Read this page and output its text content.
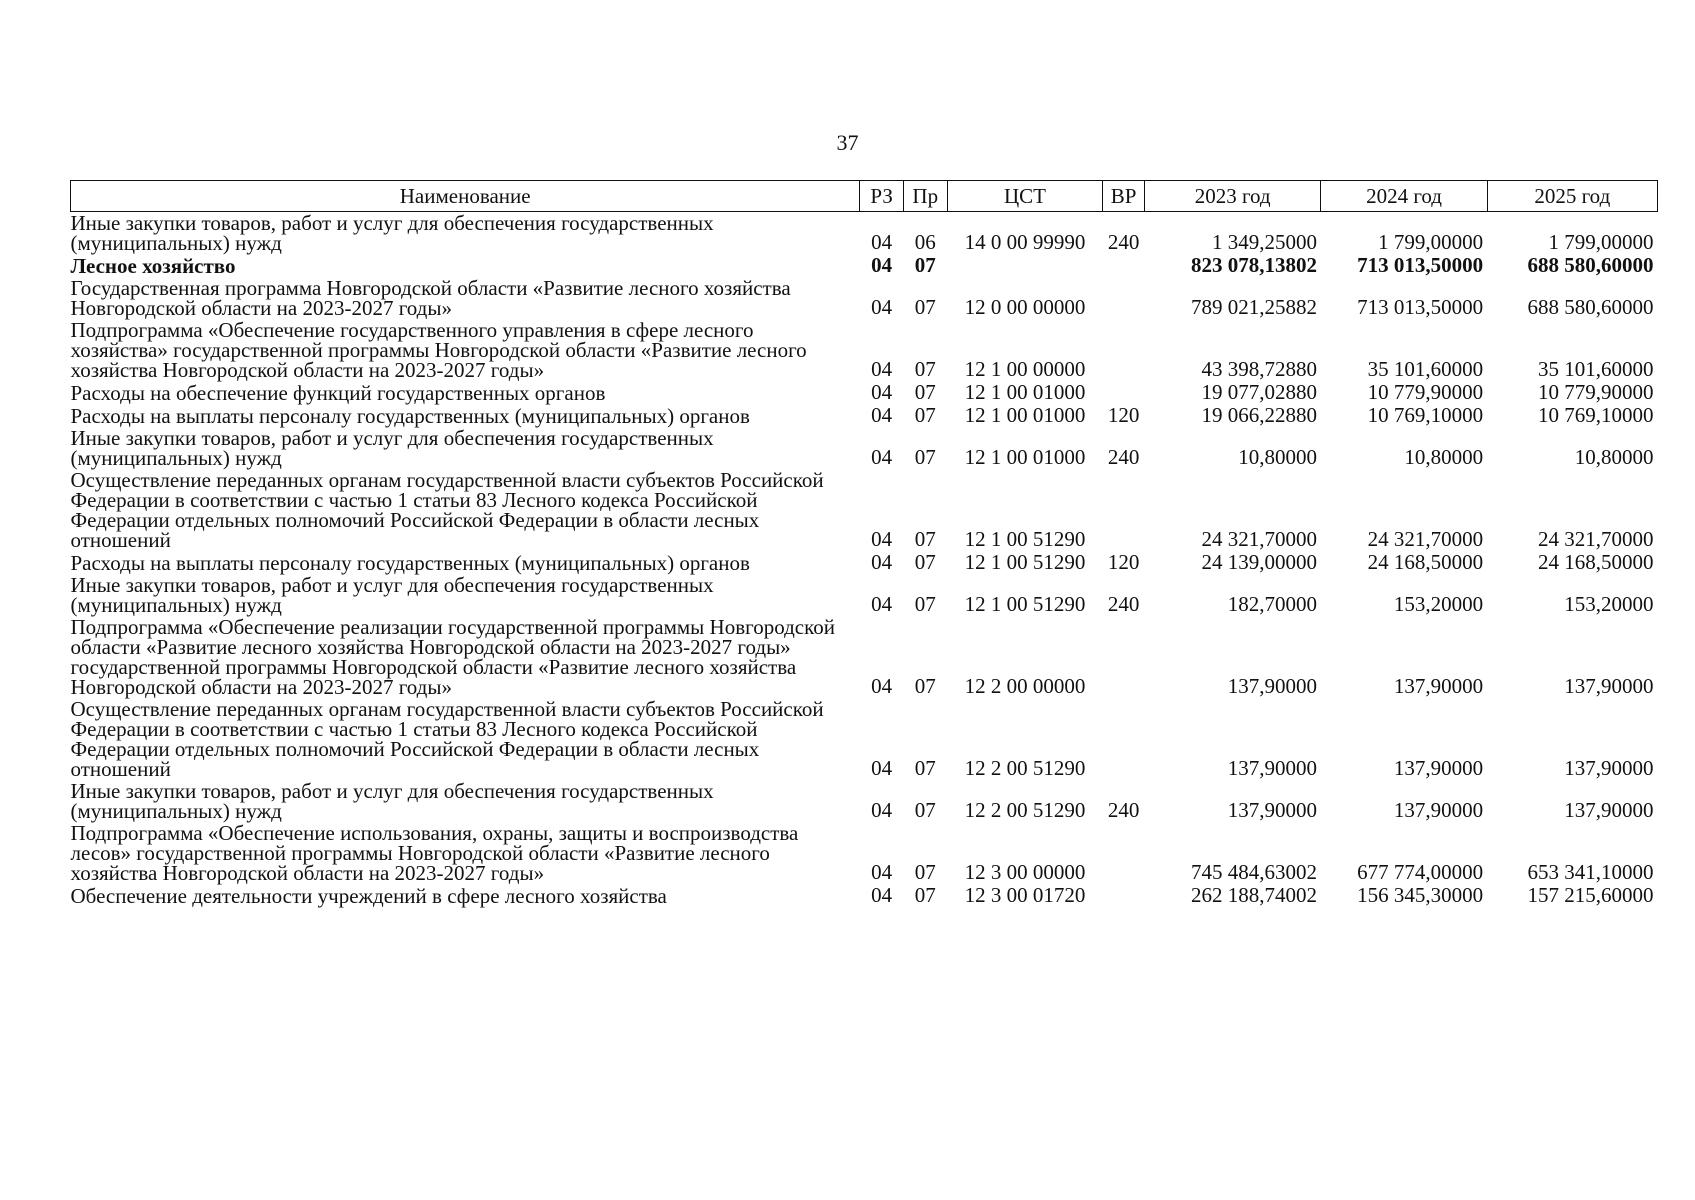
37
Наименование	РЗ	Пр	ЦСТ	ВР	2023 год	2024 год	2025 год
Иные закупки товаров, работ и услуг для обеспечения государственных (муниципальных) нужд	04	06	14 0 00 99990	240	1 349,25000	1 799,00000	1 799,00000
Лесное хозяйство	04	07			823 078,13802	713 013,50000	688 580,60000
Государственная программа Новгородской области «Развитие лесного хозяйства Новгородской области на 2023-2027 годы»	04	07	12 0 00 00000		789 021,25882	713 013,50000	688 580,60000
Подпрограмма «Обеспечение государственного управления в сфере лесного хозяйства» государственной программы Новгородской области «Развитие лесного хозяйства Новгородской области на 2023-2027 годы»	04	07	12 1 00 00000		43 398,72880	35 101,60000	35 101,60000
Расходы на обеспечение функций государственных органов	04	07	12 1 00 01000		19 077,02880	10 779,90000	10 779,90000
Расходы на выплаты персоналу государственных (муниципальных) органов	04	07	12 1 00 01000	120	19 066,22880	10 769,10000	10 769,10000
Иные закупки товаров, работ и услуг для обеспечения государственных (муниципальных) нужд	04	07	12 1 00 01000	240	10,80000	10,80000	10,80000
Осуществление переданных органам государственной власти субъектов Российской Федерации в соответствии с частью 1 статьи 83 Лесного кодекса Российской Федерации отдельных полномочий Российской Федерации в области лесных отношений	04	07	12 1 00 51290		24 321,70000	24 321,70000	24 321,70000
Расходы на выплаты персоналу государственных (муниципальных) органов	04	07	12 1 00 51290	120	24 139,00000	24 168,50000	24 168,50000
Иные закупки товаров, работ и услуг для обеспечения государственных (муниципальных) нужд	04	07	12 1 00 51290	240	182,70000	153,20000	153,20000
Подпрограмма «Обеспечение реализации государственной программы Новгородской области «Развитие лесного хозяйства Новгородской области на 2023-2027 годы» государственной программы Новгородской области «Развитие лесного хозяйства Новгородской области на 2023-2027 годы»	04	07	12 2 00 00000		137,90000	137,90000	137,90000
Осуществление переданных органам государственной власти субъектов Российской Федерации в соответствии с частью 1 статьи 83 Лесного кодекса Российской Федерации отдельных полномочий Российской Федерации в области лесных отношений	04	07	12 2 00 51290		137,90000	137,90000	137,90000
Иные закупки товаров, работ и услуг для обеспечения государственных (муниципальных) нужд	04	07	12 2 00 51290	240	137,90000	137,90000	137,90000
Подпрограмма «Обеспечение использования, охраны, защиты и воспроизводства лесов» государственной программы Новгородской области «Развитие лесного хозяйства Новгородской области на 2023-2027 годы»	04	07	12 3 00 00000		745 484,63002	677 774,00000	653 341,10000
Обеспечение деятельности учреждений в сфере лесного хозяйства	04	07	12 3 00 01720		262 188,74002	156 345,30000	157 215,60000
